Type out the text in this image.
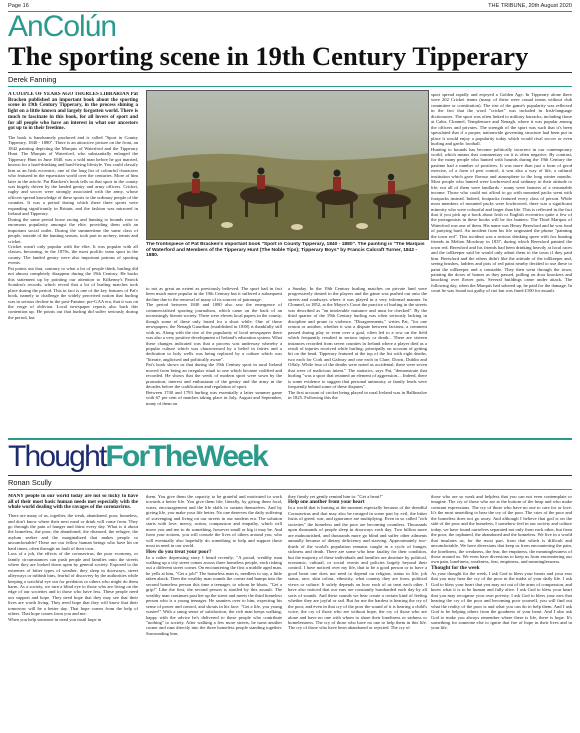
Page 16	THE TRIBUNE, 20th August 2020
AnColún
The sporting scene in 19th Century Tipperary
Derek Fanning

A COUPLE OF YEARS AGO THURLES LIBRARIAN Pat Bracken published an important book about the sporting scene in 19th Century Tipperary, in the process shining a light on a little known and largely forgotten world. There is much to fascinate in this book, for all lovers of sport and for all people who have an interest in what our ancestors got up to in their freetime.

The book is handsomely produced and is called "Sport in County Tipperary, 1840 - 1880". There is an attractive picture on the front, an 1842 painting depicting the Marquis of Waterford and the Tipperary Hunt. The Marquis of Waterford, who substantially enlarged the Tipperary Hunt in June 1840, was a wild man before he got married, known for a hard-drinking and hard-living lifestyle. You could classify him as an Irish eccentric, one of the long list of colourful characters who featured in the equestrian world over the centuries. More of him later in the article. Pat Bracken's book tells us that sport in the county was hugely driven by the landed gentry and army officers. Cricket, rugby and soccer were strongly associated with the army, whose officers spread knowledge of these sports to the ordinary people of the counties. It was a period during which these three sports were expanding significantly in Britain, and the fashion was mirrored in Ireland and Tipperary.

During the same period horse racing and hunting to hounds rose to enormous popularity amongst the elite, providing them with an important social outlet. During the summertime the same class of people, outside of the hunting season, took part in archery, tennis and cricket.

Cricket wasn't only popular with the elite. It was popular with all classes, becoming, in the 1870s, the most prolific team sport in the county. The landed gentry were also important patrons of sporting events.

Pat points out that, contrary to what a lot of people think, hurling did not almost completely disappear during the 19th Century. He backs this statement up by pointing our attention to Kilkenny's Patrick Scanlon's records, which reveal that a lot of hurling matches took place during the period. This in fact is one of the key features of Pat's book, namely to challenge the widely perceived notion that hurling was in serious decline in the post-Famine, pre-GAA era, that it was on the verge of oblivion. Local newspaper reports also back this contention up. He points out that hurling did suffer seriously during the period, but

sport spread rapidly and enjoyed a Golden Age. In Tipperary alone there were 202 Cricket teams (many of these were casual teams without club committee or constitution). The rise of the game's popularity was reflected in the fact that the word "cricket" was included in Irish-language dictionaries. The sport was often linked to military barracks, including those at Cahir, Clonmel, Templemore and Nenagh, where it was popular among the officers and privates. The strength of the sport was such that it's been speculated that if a proper, nationwide governing structure had been put in place it would enjoy a popularity today which would rival soccer or even hurling and gaelic football.

Hunting to hounds has become politically incorrect in our contemporary world, which means that commentary on it is often negative. By contrast, for the many people who hunted with hounds during the 19th Century the pastime had a number of positives. It was more than just a form of good exercise, of a form of pest control, it was also a way of life, a cultural institution which gave flavour and atmosphere to the long winter months. Most people who hunted were lowbrowed and ordinary in their attitude to life; not all of them were landlords - many were farmers of a reasonable income. Those who could not afford to go with mounted packs went with footpacks instead. Indeed, footpacks featured every class of person. While most members of mounted packs were lowbrowed, there was a significant minority who were colourful and larger than life. This is reflected in the fact that if you pick up a book about Irish or English eccentrics quite a few of the protagonists in these books will be fox hunters. The Third Marquis of Waterford was one of them. His name was Henry Beresford and he was fond of partying hard. An incident from his life originated the phrase "painting the town red". This incident was a serious drinking spree with fox hunting friends in Melton Mowbray in 1837, during which Beresford painted the town red. Beresford and his friends had been drinking heavily at local races and the tollkeeper said he would only admit them to the town if they paid him. Beresford and the others didn't like the attitude of the tollkeeper and, seeing brushes, ladders and pots of red paint nearby decided to use these to paint the tollkeeper and a constable. They then went through the town, painting the doors of homes as they passed, pulling on door knockers and knocking over flower pots. Several buildings came under attack. The following day, when the Marquis had sobered up, he paid for the damage. In court he was found not guilty of riot but was fined £100 for assault.

The frontispiece of Pat Bracken's important book "Sport in County Tipperary, 1840 - 1880". The painting is "The Marquis of Waterford and Members of the Tipperary Hunt (The Noble Tips); Tipperary Boys" by Francis Calcraft Turner, 1842 - 1880.

to not as great an extent as previously believed. The sport had in fact been much more popular in the 19th Century but it suffered a subsequent decline due to the removal of many of its sources of patronage.

The period between 1840 and 1880 also saw the emergence of commercialised sporting journalism, which came on the back of an increasingly literate society. There were eleven local papers in the county, though some of these only lasted for a short while. One of those newspapers, the Nenagh Guardian (established in 1838) is thankfully still with us. Along with the rise of the popularity of local newspapers there was also a very positive development of Ireland's education system. What these changes indicated was that a process was underway whereby a popular culture which was characterised by a belief in fairies and a dedication to holy wells was being replaced by a culture which was "literate, anglicised and politically aware".

Pat's book shows us that during the 19th Century sport in rural Ireland moved from being an irregular ritual to one which became codified and recorded. He shows that the seeds of modern sport were sown by the promotion, interest and enthusiasm of the gentry and the army in the decades before the codification and regulation of sport.

Between 1740 and 1793 hurling was essentially a latter summer game with 67 per cent of matches taking place in July, August and September, many of them on

a Sunday. In the 19th Century hurling matches on private land were progressively denied to the players and the game was pushed out onto the streets and roadways where it was played in a very informal manner. In Clonmel, in 1852, at the Mayor's Court the practice of hurling in the streets was described as "an intolerable nuisance and must be checked". By the third quarter of the 19th Century hurling was often seriously lacking in discipline and prone to violence. "Disagreements," writes Pat, "for one reason or another, whether it was a dispute between factions, a comment passed during play or even over a goal, often led to a row on the field which frequently resulted in serious injury or death... There are sixteen instances recorded from seven counties in Ireland where a player died as a result of injuries received while hurling. principally on account of getting hit on the head. Tipperary featured at the top of the list with eight deaths, two each for Cork and Galway and one each in Clare, Down, Dublin and Offaly. While four of the deaths were noted as accidental, there were seven that were of malicious intent." The statistics, says Pat, "demonstrate that hurling "was a sport that retained an element of aggression.... Indeed, there is some evidence to suggest that personal animosity or family feuds were frequently behind some of these disputes".

The first account of cricket being played in rural Ireland was in Ballinasloe in 1825. Following this the

ThoughtForTheWeek
Ronan Scully

MANY people in our world today are not so lucky to have all of their most basic human needs met especially with the whole world dealing with the ravages of the coronavirus.

There are many of us, together, the weak, abandoned, poor, homeless, and don't know where their next meal or drink will come from. They go through the pain of hunger and thirst every day. What is it about the homeless, the poor, the abandoned, the diseased, the refugee, the asylum seeker and the marginalized that makes people so uncomfortable? These are our fellow human beings who have hit on hard times, often through no fault of their own.

Loss of a job, the effects of the coronavirus, the poor economy, or family circumstances can push people and families onto the streets where they are looked down upon by general society. Exposed to the extremes of bitter types of weather, they sleep in doorways, street alleyways or rubbish bins, fearful of discovery by the authorities while keeping a watchful eye out for predators or others who might do them harm. As a society, we turn a blind eye to those who are living on the edge of our societies and to those who have less. These people need our support and hope. They need hope that they may see that their lives are worth living. They need hope that they will know that their tomorrow will be a better day. That hope comes from the help of others. That hope comes from you and me.

When you help someone in need you instil hope in

them. You give them the capacity to be grateful and motivated to work towards a better life. You give them life, literally, by giving them food, water, encouragement and the life skills to sustain themselves. And by giving life, you make your life better. No one deserves the daily suffering of scavenging and living on our streets in our modern era. The solution starts with love, mercy, action, compassion and empathy, which will move you and me to do something, however small or big it may be. And from your actions, you will console the lives of others around you, who will eventually also hopefully do something to help and support those most in need in our world.

How do you treat your poor?

In a rather depressing story I heard recently; "A proud, wealthy man walking up a city street comes across three homeless people, each risking out a different street corner. On encountering the first a middle aged man, he yells at him, "Get a job!" The homeless man is, needless to say, a little taken aback. Then the wealthy man rounds the corner and bumps into the second homeless person this time a teenager, to whom he blurts, "Get a grip!" Like the first, the second person is startled by this assault. The wealthy man continues past her up the street and meets the third homeless person who is a young teenager. He saunters over to him, expecting his sense of power and control, and shouts in his face: "Get a life, you young waster!" With a smug sense of satisfaction, the rich man keeps walking, happy with the advice he's delivered to these people who contribute "nothing" to society. After walking a few more streets, he turns another corner and runs directly into the three homeless people standing together. Surrounding him,

they firmly yet gently remind him to: "Get a heart!"

Help one another from your heart

In a world that is hurting at the moment especially because of the dreadful Coronavirus and that may also be ravaged in some part by evil, the bitter fruits of greed, war, and ignorance are multiplying. Even in so called "rich societies" the homeless and the poor are becoming countless. Thousands upon thousands of people sleep in doorways each day. Two billion more are malnourished, and thousands more go blind and suffer other ailments annually because of dietary deficiency and starving. Approximately two-thirds of the world's population remains caught in a cycle of hunger, sickness and death. There are some who hear fatality for their condition, but the majority of these individuals and families are destitute by political, economic, cultural, or social events and policies largely beyond their control. I have noticed over my life, that to be a good person or to have a good heart one does not need to depend on religion, status in life, job status, race, skin colour, ethnicity, what country they are from, political views or culture. It solely depends on how each of us treat each other. I have also noticed that our ears are constantly bombarded each day by all sorts of sounds. And these sounds we hear create a certain kind of feeling whether they are joyful or sad. But for me the hardest is hearing the cry of the poor, and even in that cry of the poor the sound of it is hearing a child's voice, the cry of those who are without hope, the cry of those who are alone and have no one with whom to share their loneliness or sadness or homelessness. The cry of those who have no one to help them in this life. The cry of those who have been abandoned or rejected. The cry of

those who are so weak and helpless that you can not even contemplate or imagine. The cry of those who are at the bottom of the heap and who make constant expressions. The cry of those who have no one to care for or love. It's the most unsettling to hear the cry of the poor. The cries of the poor and the homeless does not go away. And although I believe that god is on the side of the poor and the homeless, I somehow feel in our society and culture today, we have found ourselves separated not only from each other, but from the poor, the orphaned, the abandoned and the homeless. We live in a world that insulates us, for the most part, from that which is difficult and uncomfortable. We have diversions that keep us from encountering the pain, the loneliness, the weakness, the fear, the emptiness, the meaninglessness of those around us. We even have diversions to keep us from encountering our own pain, loneliness, weakness, fear, emptiness, and meaninglessness.

Thought for the week

As your thought for the week, I ask God to bless your hearts and your ears that you may hear the cry of the poor in the midst of your daily life. I ask God to bless your heart that you may act out of the arms of compassion, and know what it is to be human and fully alive. I ask God to bless your heart that you may recognise your own poverty. I ask God to bless your ears that hearing the cry of the poor and becoming poor yourself, you will find out what the reality of the poor is and what you can do to help them. And I ask God to be helping others from the goodness of your heart. And I also ask God to make you always remember where there is life, there is hope. It's something for someone else to ignite that fire of hope in their lives and in your life.
